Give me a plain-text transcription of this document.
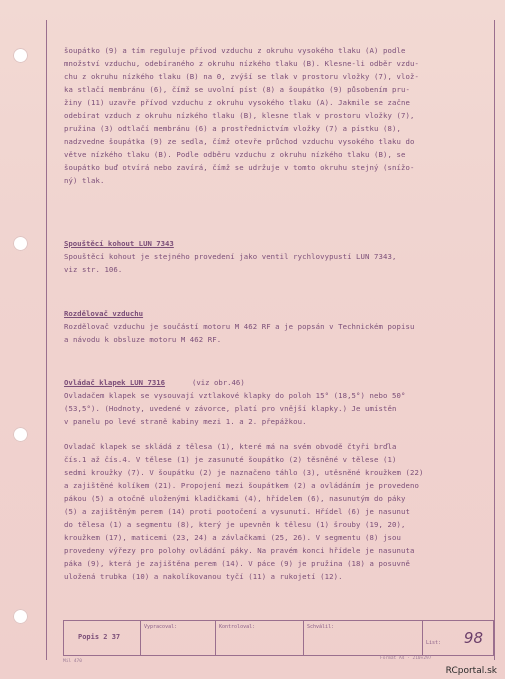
šoupátko (9) a tím reguluje přívod vzduchu z okruhu vysokého tlaku (A) podle
množství vzduchu, odebíraného z okruhu nízkého tlaku (B). Klesne-li odběr vzdu-
chu z okruhu nízkého tlaku (B) na 0, zvýší se tlak v prostoru vložky (7), vlož-
ka stlačí membránu (6), čímž se uvolní píst (8) a šoupátko (9) působením pru-
žiny (11) uzavře přívod vzduchu z okruhu vysokého tlaku (A). Jakmile se začne
odebírat vzduch z okruhu nízkého tlaku (B), klesne tlak v prostoru vložky (7),
pružina (3) odtlačí membránu (6) a prostřednictvím vložky (7) a pístku (8),
nadzvedne šoupátka (9) ze sedla, čímž otevře průchod vzduchu vysokého tlaku do
větve nízkého tlaku (B). Podle odběru vzduchu z okruhu nízkého tlaku (B), se
šoupátko buď otvírá nebo zavírá, čímž se udržuje v tomto okruhu stejný (snížo-
ný) tlak.

Spouštěcí kohout LUN 7343

Spouštěcí kohout je stejného provedení jako ventil rychlovypustí LUN 7343,
viz str. 106.

Rozdělovač vzduchu

Rozdělovač vzduchu je součástí motoru M 462 RF a je popsán v Technickém popisu
a návodu k obsluze motoru M 462 RF.

Ovládač klapek LUN 7316	(viz obr.46)

Ovladačem klapek se vysouvají vztlakové klapky do poloh 15° (18,5°) nebo 50°
(53,5°). (Hodnoty, uvedené v závorce, platí pro vnější klapky.) Je umístěn
v panelu po levé straně kabiny mezi 1. a 2. přepážkou.

Ovladač klapek se skládá z tělesa (1), které má na svém obvodě čtyři brďla
čís.1 až čís.4. V tělese (1) je zasunuté šoupátko (2) těsněné v tělese (1)
sedmi kroužky (7). V šoupátku (2) je naznačeno táhlo (3), utěsněné kroužkem (22)
a zajištěné kolíkem (21). Propojení mezi šoupátkem (2) a ovládáním je provedeno
pákou (5) a otočně uloženými kladičkami (4), hřídelem (6), nasunutým do páky
(5) a zajištěným perem (14) proti pootočení a vysunutí. Hřídel (6) je nasunut
do tělesa (1) a segmentu (8), který je upevněn k tělesu (1) šrouby (19, 20),
kroužkem (17), maticemi (23, 24) a závlačkami (25, 26). V segmentu (8) jsou
provedeny výřezy pro polohy ovládání páky. Na pravém konci hřídele je nasunuta
páka (9), která je zajištěna perem (14). V páce (9) je pružina (18) a posuvně
uložená trubka (10) a nakolíkovanou tyčí (11) a rukojetí (12).

Popis 2 37
Vypracoval:	Kontroloval:	Schválil:
List: 98
Mil 470
Formát A4 · 210×297
RCportal.sk
